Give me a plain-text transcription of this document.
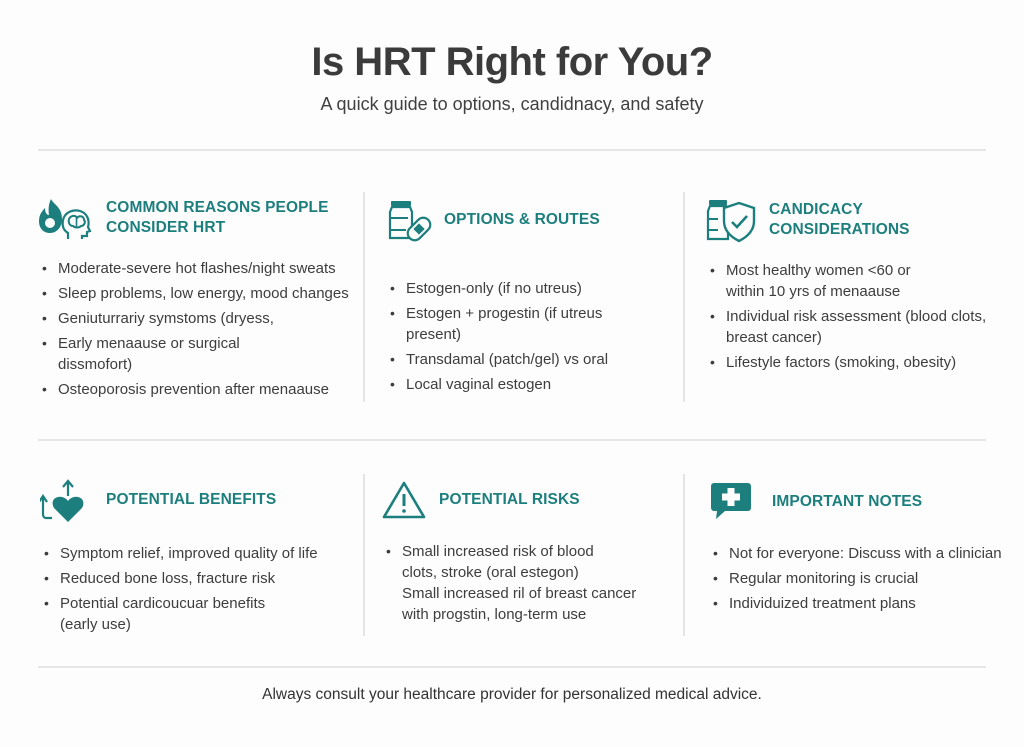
Is HRT Right for You?
A quick guide to options, candidnacy, and safety
COMMON REASONS PEOPLE
CONSIDER HRT
• Moderate-severe hot flashes/night sweats
• Sleep problems, low energy, mood changes
• Geniuturrariy symstoms (dryess,
• Early menaause or surgical
dissmofort)
• Osteoporosis prevention after menaause
OPTIONS & ROUTES
• Estogen-only (if no utreus)
• Estogen + progestin (if utreus
present)
• Transdamal (patch/gel) vs oral
• Local vaginal estogen
CANDICACY
CONSIDERATIONS
• Most healthy women <60 or
within 10 yrs of menaause
• Individual risk assessment (blood clots,
breast cancer)
• Lifestyle factors (smoking, obesity)
POTENTIAL BENEFITS
• Symptom relief, improved quality of life
• Reduced bone loss, fracture risk
• Potential cardicoucuar benefits
(early use)
POTENTIAL RISKS
• Small increased risk of blood
clots, stroke (oral estegon)
Small increased ril of breast cancer
with progstin, long-term use
IMPORTANT NOTES
• Not for everyone: Discuss with a clinician
• Regular monitoring is crucial
• Individuized treatment plans
Always consult your healthcare provider for personalized medical advice.
